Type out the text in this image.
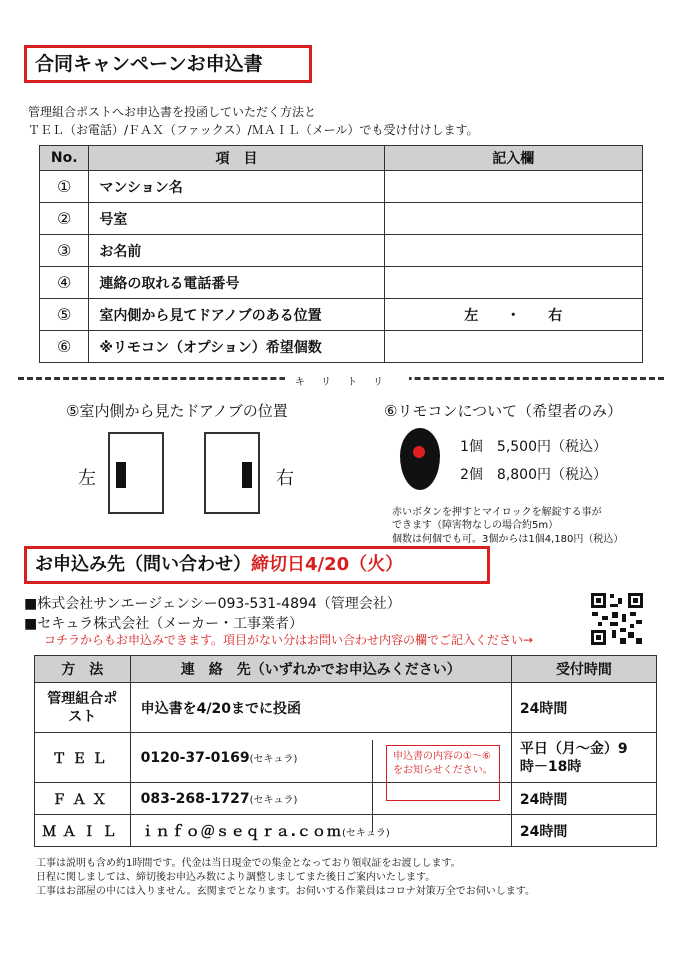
合同キャンペーンお申込書
管理組合ポストへお申込書を投函していただく方法と
ＴＥＬ（お電話）/ＦＡＸ（ファックス）/ＭＡＩＬ（メール）でも受け付けします。
No.	項　目	記入欄
①	マンション名	
②	号室	
③	お名前	
④	連絡の取れる電話番号	
⑤	室内側から見てドアノブのある位置	左　　・　　右
⑥	※リモコン（オプション）希望個数	
キリトリ
⑤室内側から見たドアノブの位置
左	右
⑥リモコンについて（希望者のみ）
1個　5,500円（税込）
2個　8,800円（税込）
赤いボタンを押すとマイロックを解錠する事が
できます（障害物なしの場合約5m）
個数は何個でも可。3個からは1個4,180円（税込）
お申込み先（問い合わせ）締切日4/20（火）
■株式会社サンエージェンシー093-531-4894（管理会社）
■セキュラ株式会社（メーカー・工事業者）
コチラからもお申込みできます。項目がない分はお問い合わせ内容の欄でご記入ください→
方　法	連　絡　先（いずれかでお申込みください）	受付時間
管理組合ポスト	申込書を4/20までに投函	24時間
ＴＥＬ	0120-37-0169(セキュラ)	平日（月～金）9時－18時
ＦＡＸ	083-268-1727(セキュラ)	24時間
ＭＡＩＬ	ｉｎｆｏ＠ｓｅｑｒａ.ｃｏｍ(セキュラ)	24時間
申込書の内容の①～⑥をお知らせください。
工事は説明も含め約1時間です。代金は当日現金での集金となっており領収証をお渡しします。
日程に関しましては、締切後お申込み数により調整しましてまた後日ご案内いたします。
工事はお部屋の中には入りません。玄関までとなります。お伺いする作業員はコロナ対策万全でお伺いします。
